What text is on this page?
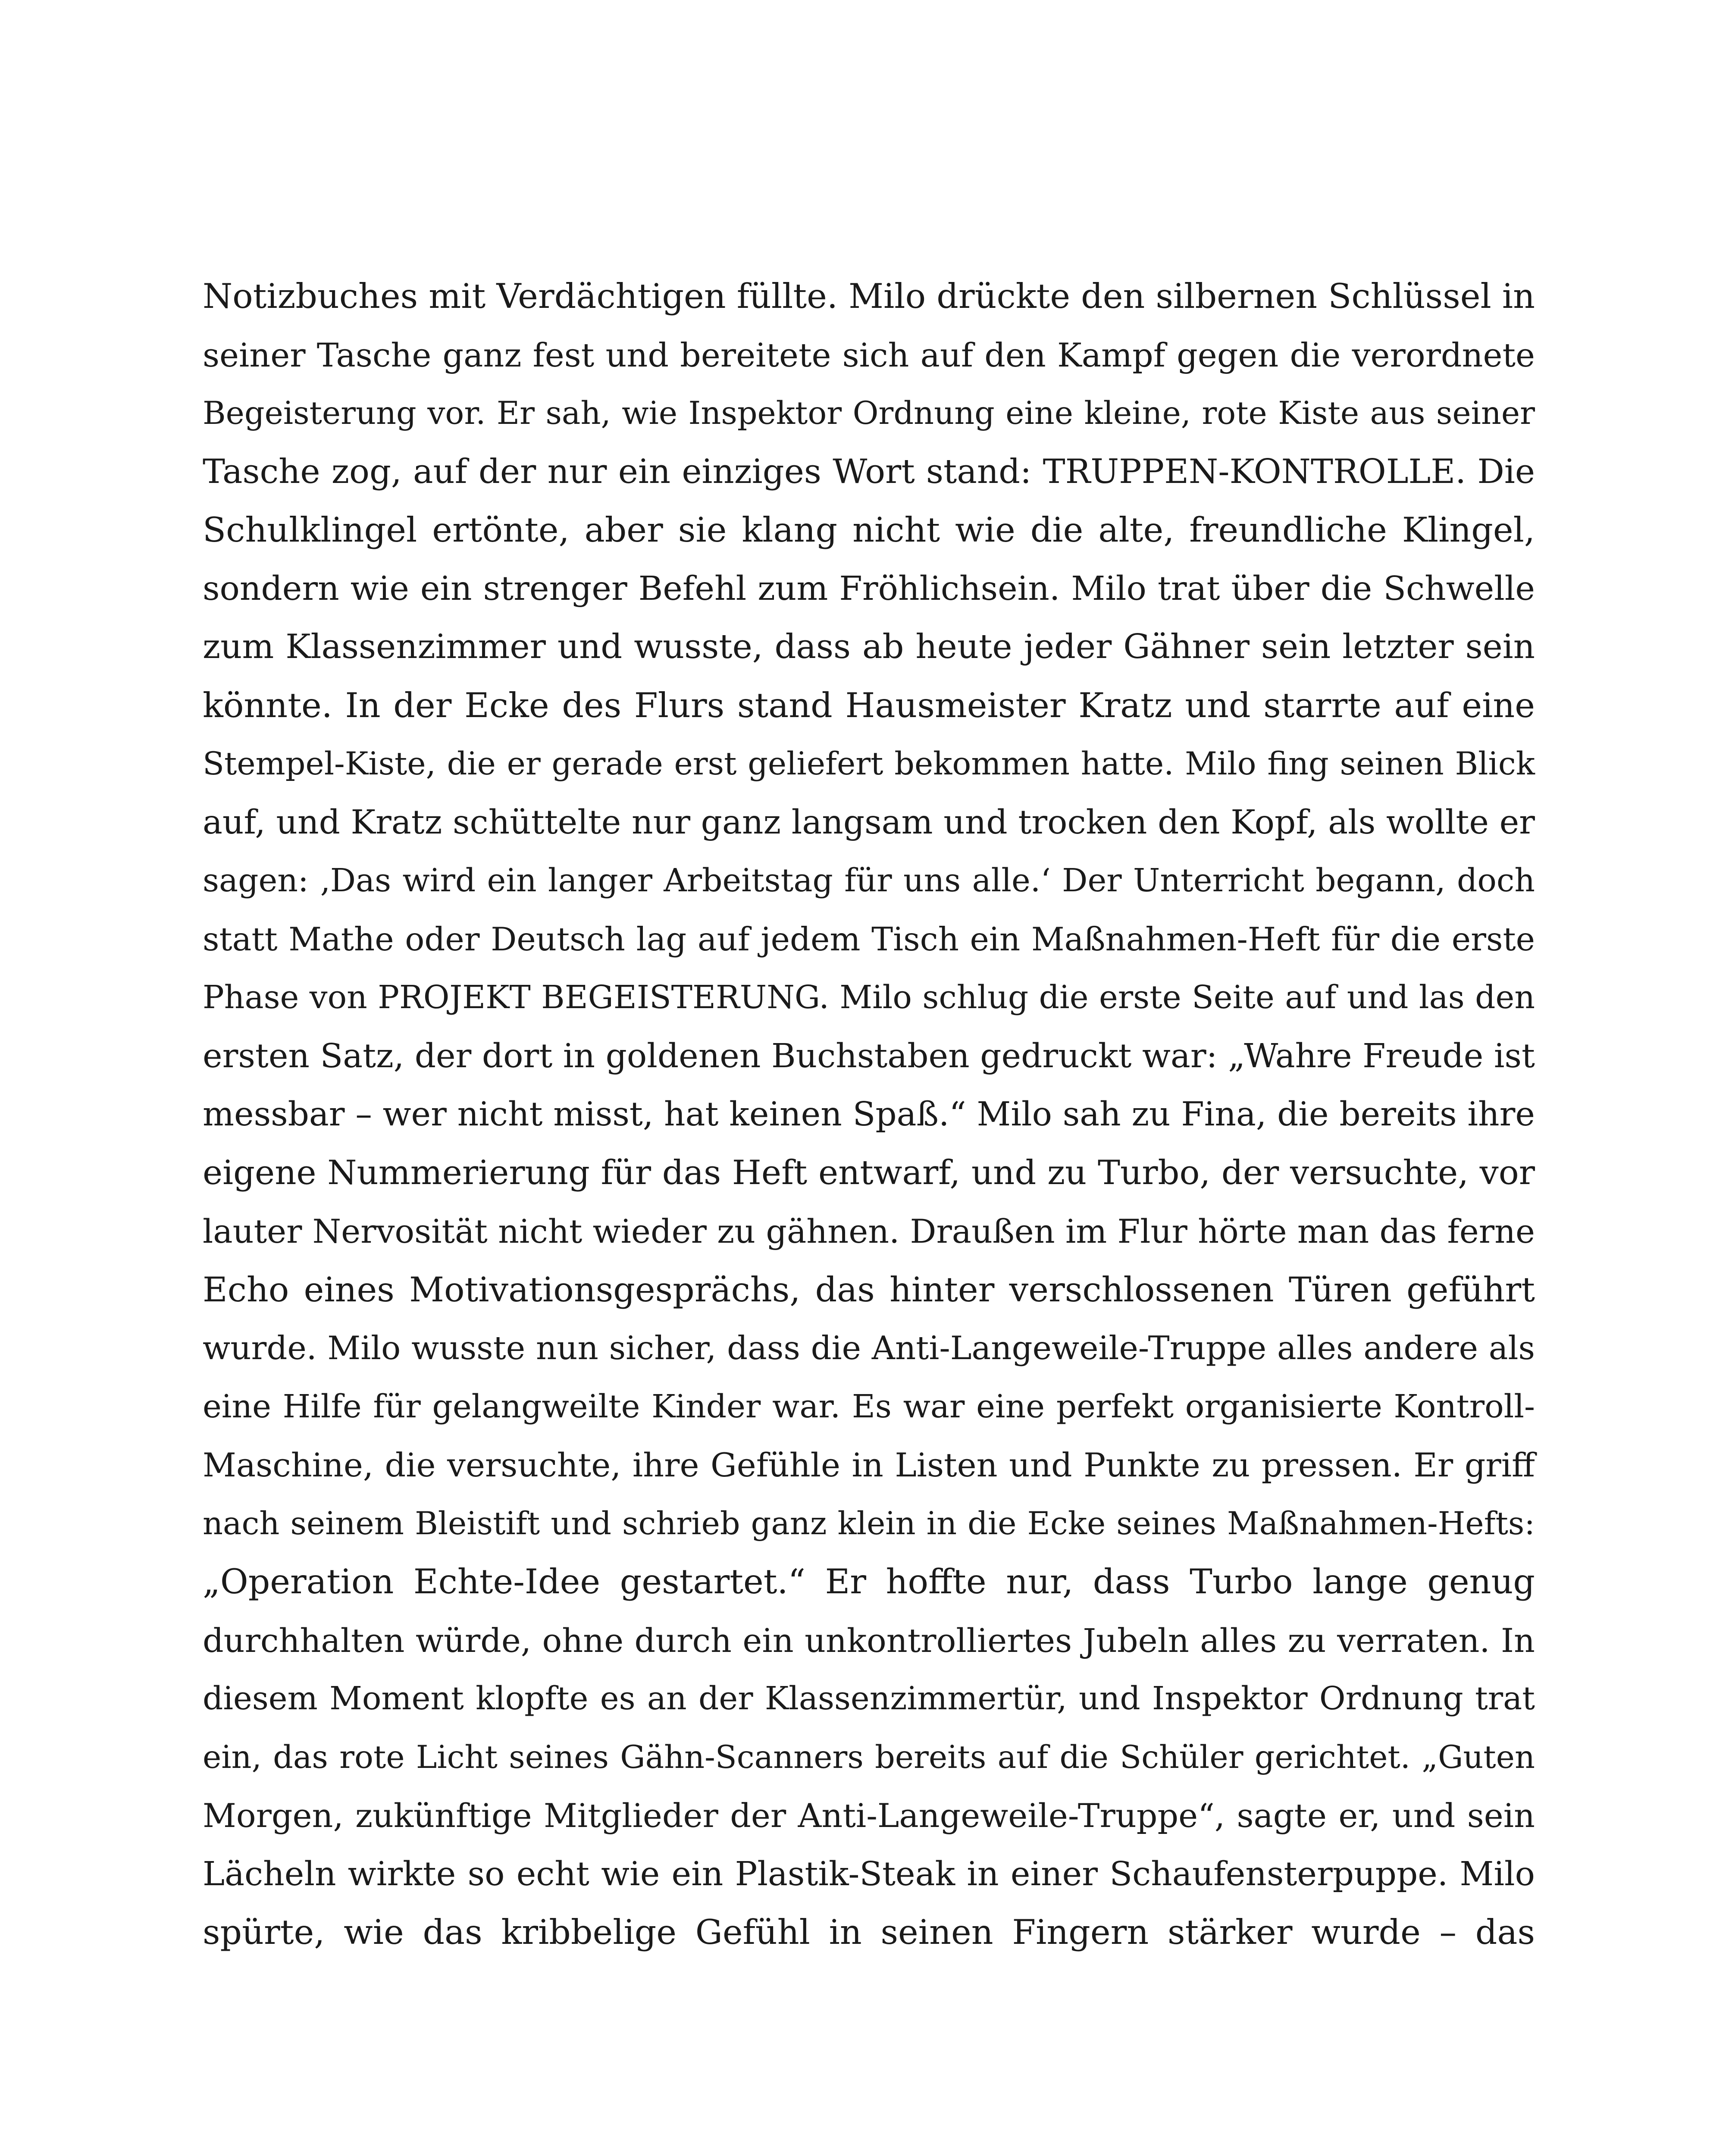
Notizbuches mit Verdächtigen füllte. Milo drückte den silbernen Schlüssel in
seiner Tasche ganz fest und bereitete sich auf den Kampf gegen die verordnete
Begeisterung vor. Er sah, wie Inspektor Ordnung eine kleine, rote Kiste aus seiner
Tasche zog, auf der nur ein einziges Wort stand: TRUPPEN-KONTROLLE. Die
Schulklingel ertönte, aber sie klang nicht wie die alte, freundliche Klingel,
sondern wie ein strenger Befehl zum Fröhlichsein. Milo trat über die Schwelle
zum Klassenzimmer und wusste, dass ab heute jeder Gähner sein letzter sein
könnte. In der Ecke des Flurs stand Hausmeister Kratz und starrte auf eine
Stempel-Kiste, die er gerade erst geliefert bekommen hatte. Milo fing seinen Blick
auf, und Kratz schüttelte nur ganz langsam und trocken den Kopf, als wollte er
sagen: ‚Das wird ein langer Arbeitstag für uns alle.‘ Der Unterricht begann, doch
statt Mathe oder Deutsch lag auf jedem Tisch ein Maßnahmen-Heft für die erste
Phase von PROJEKT BEGEISTERUNG. Milo schlug die erste Seite auf und las den
ersten Satz, der dort in goldenen Buchstaben gedruckt war: „Wahre Freude ist
messbar – wer nicht misst, hat keinen Spaß.“ Milo sah zu Fina, die bereits ihre
eigene Nummerierung für das Heft entwarf, und zu Turbo, der versuchte, vor
lauter Nervosität nicht wieder zu gähnen. Draußen im Flur hörte man das ferne
Echo eines Motivationsgesprächs, das hinter verschlossenen Türen geführt
wurde. Milo wusste nun sicher, dass die Anti-Langeweile-Truppe alles andere als
eine Hilfe für gelangweilte Kinder war. Es war eine perfekt organisierte Kontroll-
Maschine, die versuchte, ihre Gefühle in Listen und Punkte zu pressen. Er griff
nach seinem Bleistift und schrieb ganz klein in die Ecke seines Maßnahmen-Hefts:
„Operation Echte-Idee gestartet.“ Er hoffte nur, dass Turbo lange genug
durchhalten würde, ohne durch ein unkontrolliertes Jubeln alles zu verraten. In
diesem Moment klopfte es an der Klassenzimmertür, und Inspektor Ordnung trat
ein, das rote Licht seines Gähn-Scanners bereits auf die Schüler gerichtet. „Guten
Morgen, zukünftige Mitglieder der Anti-Langeweile-Truppe“, sagte er, und sein
Lächeln wirkte so echt wie ein Plastik-Steak in einer Schaufensterpuppe. Milo
spürte, wie das kribbelige Gefühl in seinen Fingern stärker wurde – das
